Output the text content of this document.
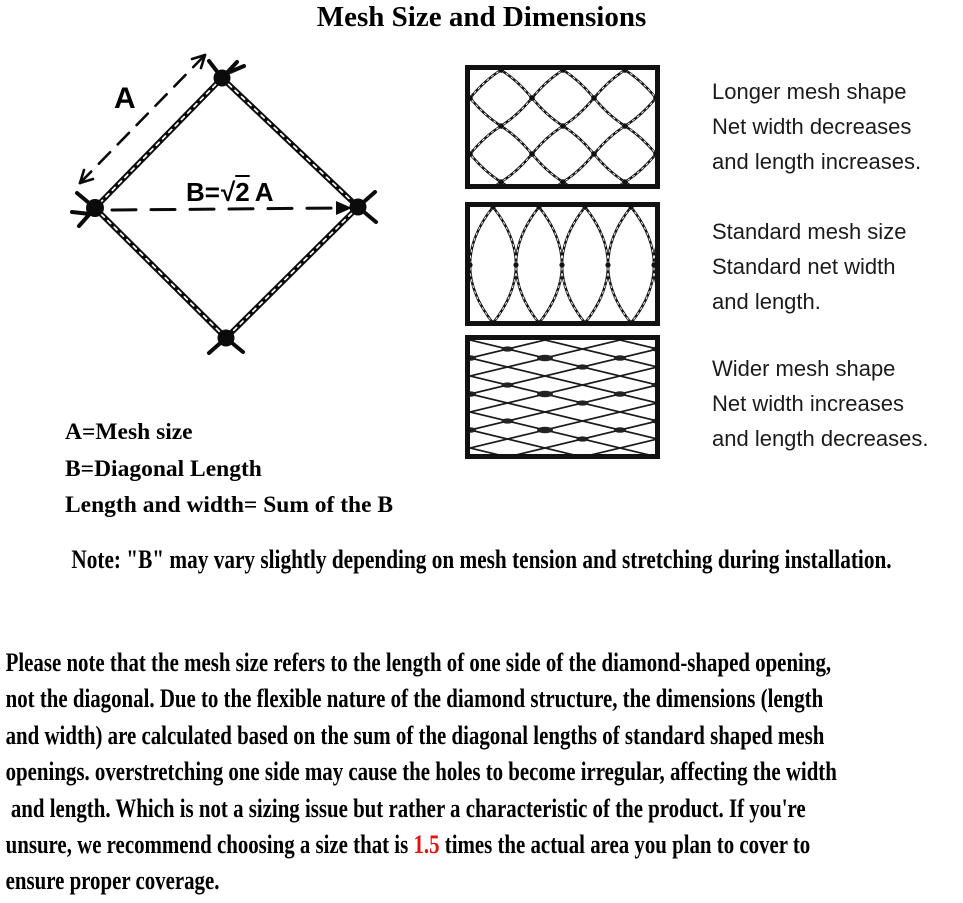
Mesh Size and Dimensions
A
B=√2 A
A=Mesh size
B=Diagonal Length
Length and width= Sum of the B
Longer mesh shape
Net width decreases
and length increases.
Standard mesh size
Standard net width
and length.
Wider mesh shape
Net width increases
and length decreases.
Note: "B" may vary slightly depending on mesh tension and stretching during installation.
Please note that the mesh size refers to the length of one side of the diamond-shaped opening,
not the diagonal. Due to the flexible nature of the diamond structure, the dimensions (length
and width) are calculated based on the sum of the diagonal lengths of standard shaped mesh
openings. overstretching one side may cause the holes to become irregular, affecting the width
and length. Which is not a sizing issue but rather a characteristic of the product. If you're
unsure, we recommend choosing a size that is 1.5 times the actual area you plan to cover to
ensure proper coverage.
